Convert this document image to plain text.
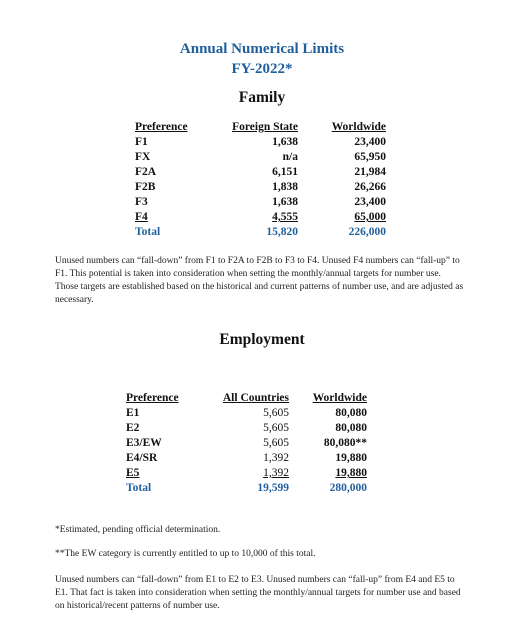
Annual Numerical Limits
FY-2022*
Family
Preference	Foreign State	Worldwide
F1	1,638	23,400
FX	n/a	65,950
F2A	6,151	21,984
F2B	1,838	26,266
F3	1,638	23,400
F4	4,555	65,000
Total	15,820	226,000
Unused numbers can “fall-down” from F1 to F2A to F2B to F3 to F4. Unused F4 numbers can “fall-up” to F1. This potential is taken into consideration when setting the monthly/annual targets for number use. Those targets are established based on the historical and current patterns of number use, and are adjusted as necessary.
Employment
Preference	All Countries	Worldwide
E1	5,605	80,080
E2	5,605	80,080
E3/EW	5,605	80,080**
E4/SR	1,392	19,880
E5	1,392	19,880
Total	19,599	280,000
*Estimated, pending official determination.
**The EW category is currently entitled to up to 10,000 of this total.
Unused numbers can “fall-down” from E1 to E2 to E3. Unused numbers can “fall-up” from E4 and E5 to E1. That fact is taken into consideration when setting the monthly/annual targets for number use and based on historical/recent patterns of number use.
